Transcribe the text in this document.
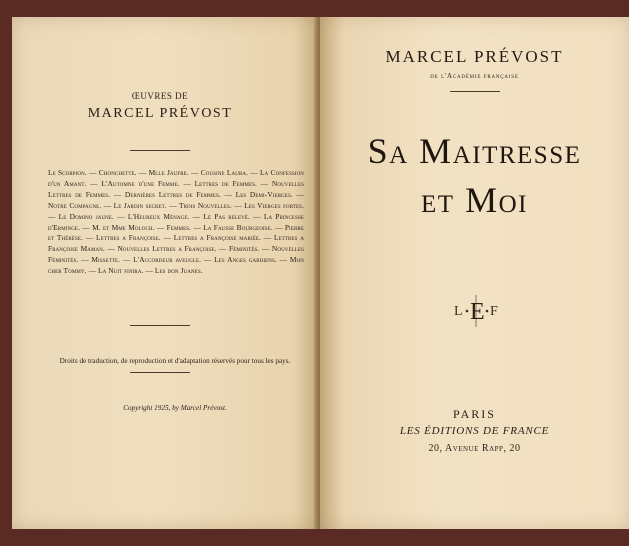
ŒUVRES DE
MARCEL PRÉVOST
Le Scorpion. — Chonchette. — Mlle Jaufre. — Cousine Laura. — La Confession d'un Amant. — L'Automne d'une Femme. — Lettres de Femmes. — Nouvelles Lettres de Femmes. — Dernières Lettres de Femmes. — Les Demi-Vierges. — Notre Compagne. — Le Jardin secret. — Trois Nouvelles. — Les Vierges fortes. — Le Domino jaune. — L'Heureux Ménage. — Le Pas relevé. — La Princesse d'Erminge. — M. et Mme Moloch. — Femmes. — La Fausse Bourgeoise. — Pierre et Thérèse. — Lettres a Françoise. — Lettres a Françoise mariée. — Lettres a Françoise Maman. — Nouvelles Lettres a Françoise. — Féminités. — Nouvelles Féminités. — Missette. — L'Accordeur aveugle. — Les Anges gardiens. — Mon cher Tommy. — La Nuit finira. — Les don Juanes.
Droits de traduction, de reproduction et d'adaptation réservés pour tous les pays.
Copyright 1925, by Marcel Prévost.
MARCEL PRÉVOST
de l'Académie française
Sa Maitresse
et Moi
L E F
PARIS
LES ÉDITIONS DE FRANCE
20, Avenue Rapp, 20
